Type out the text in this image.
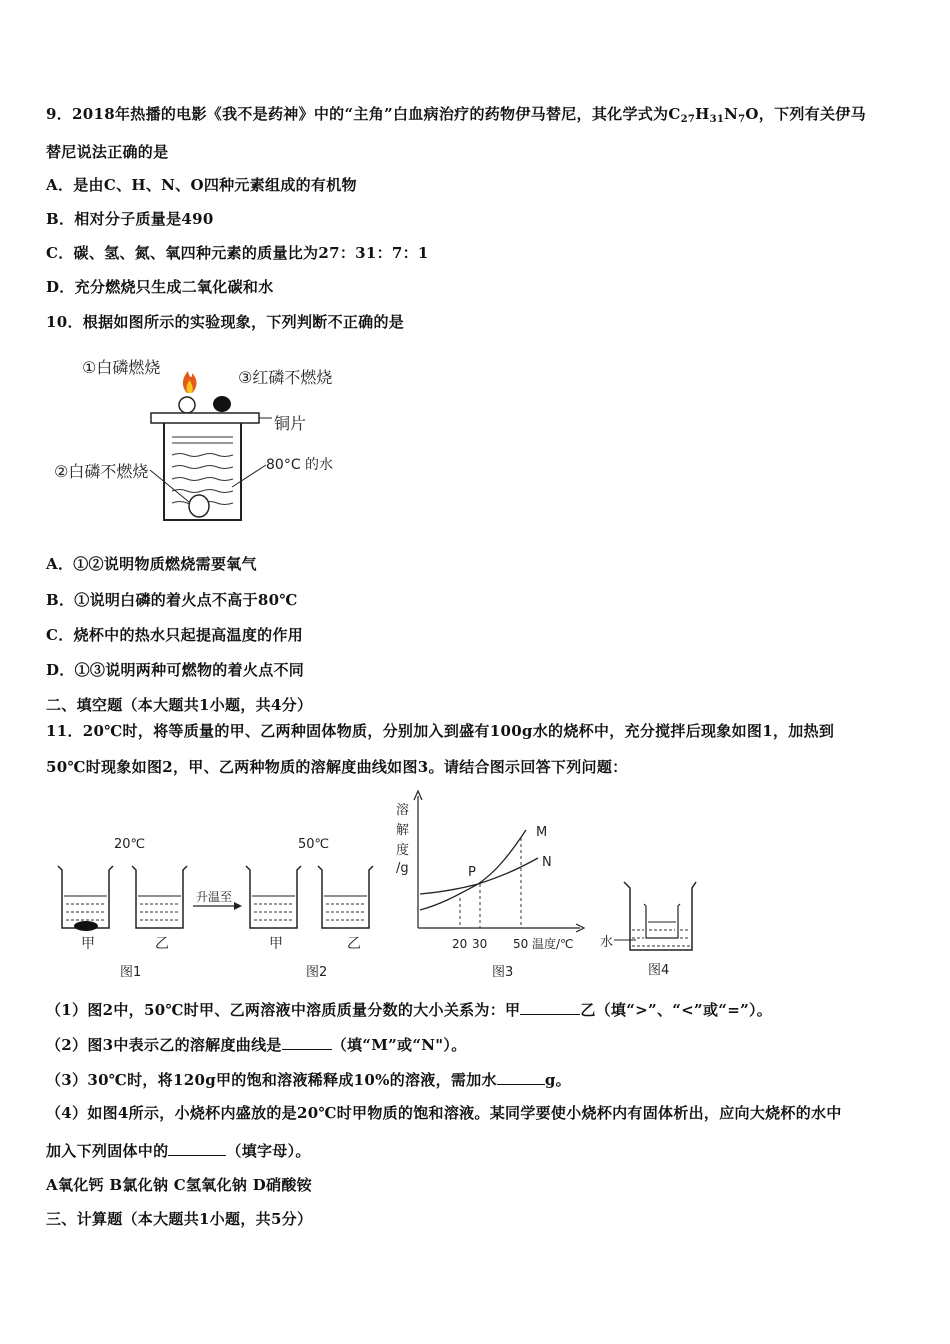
9．2018年热播的电影《我不是药神》中的“主角”白血病治疗的药物伊马替尼，其化学式为$C_{27}H_{31}N_7O$，下列有关伊马
替尼说法正确的是
A．是由C、H、N、O四种元素组成的有机物
B．相对分子质量是490
C．碳、氢、氮、氧四种元素的质量比为27：31：7：1
D．充分燃烧只生成二氧化碳和水
10．根据如图所示的实验现象，下列判断不正确的是
①白磷燃烧
③红磷不燃烧
铜片
②白磷不燃烧	80°C 的水
A．①②说明物质燃烧需要氧气
B．①说明白磷的着火点不高于80℃
C．烧杯中的热水只起提高温度的作用
D．①③说明两种可燃物的着火点不同
二、填空题（本大题共1小题，共4分）
11．20℃时，将等质量的甲、乙两种固体物质，分别加入到盛有100g水的烧杯中，充分搅拌后现象如图1，加热到
50℃时现象如图2，甲、乙两种物质的溶解度曲线如图3。请结合图示回答下列问题：
20℃
甲	乙
图1
升温至
50℃
甲	乙
图2
溶
解
度
/g
M
N
P
20 30 50 温度/℃
图3
水
图4
（1）图2中，50℃时甲、乙两溶液中溶质质量分数的大小关系为：甲	乙（填“>”、“<”或“=”）。
（2）图3中表示乙的溶解度曲线是	（填“M”或“N"）。
（3）30℃时，将120g甲的饱和溶液稀释成10%的溶液，需加水	g。
（4）如图4所示，小烧杯内盛放的是20℃时甲物质的饱和溶液。某同学要使小烧杯内有固体析出，应向大烧杯的水中
加入下列固体中的	（填字母）。
A氧化钙 B氯化钠 C氢氧化钠 D硝酸铵
三、计算题（本大题共1小题，共5分）
